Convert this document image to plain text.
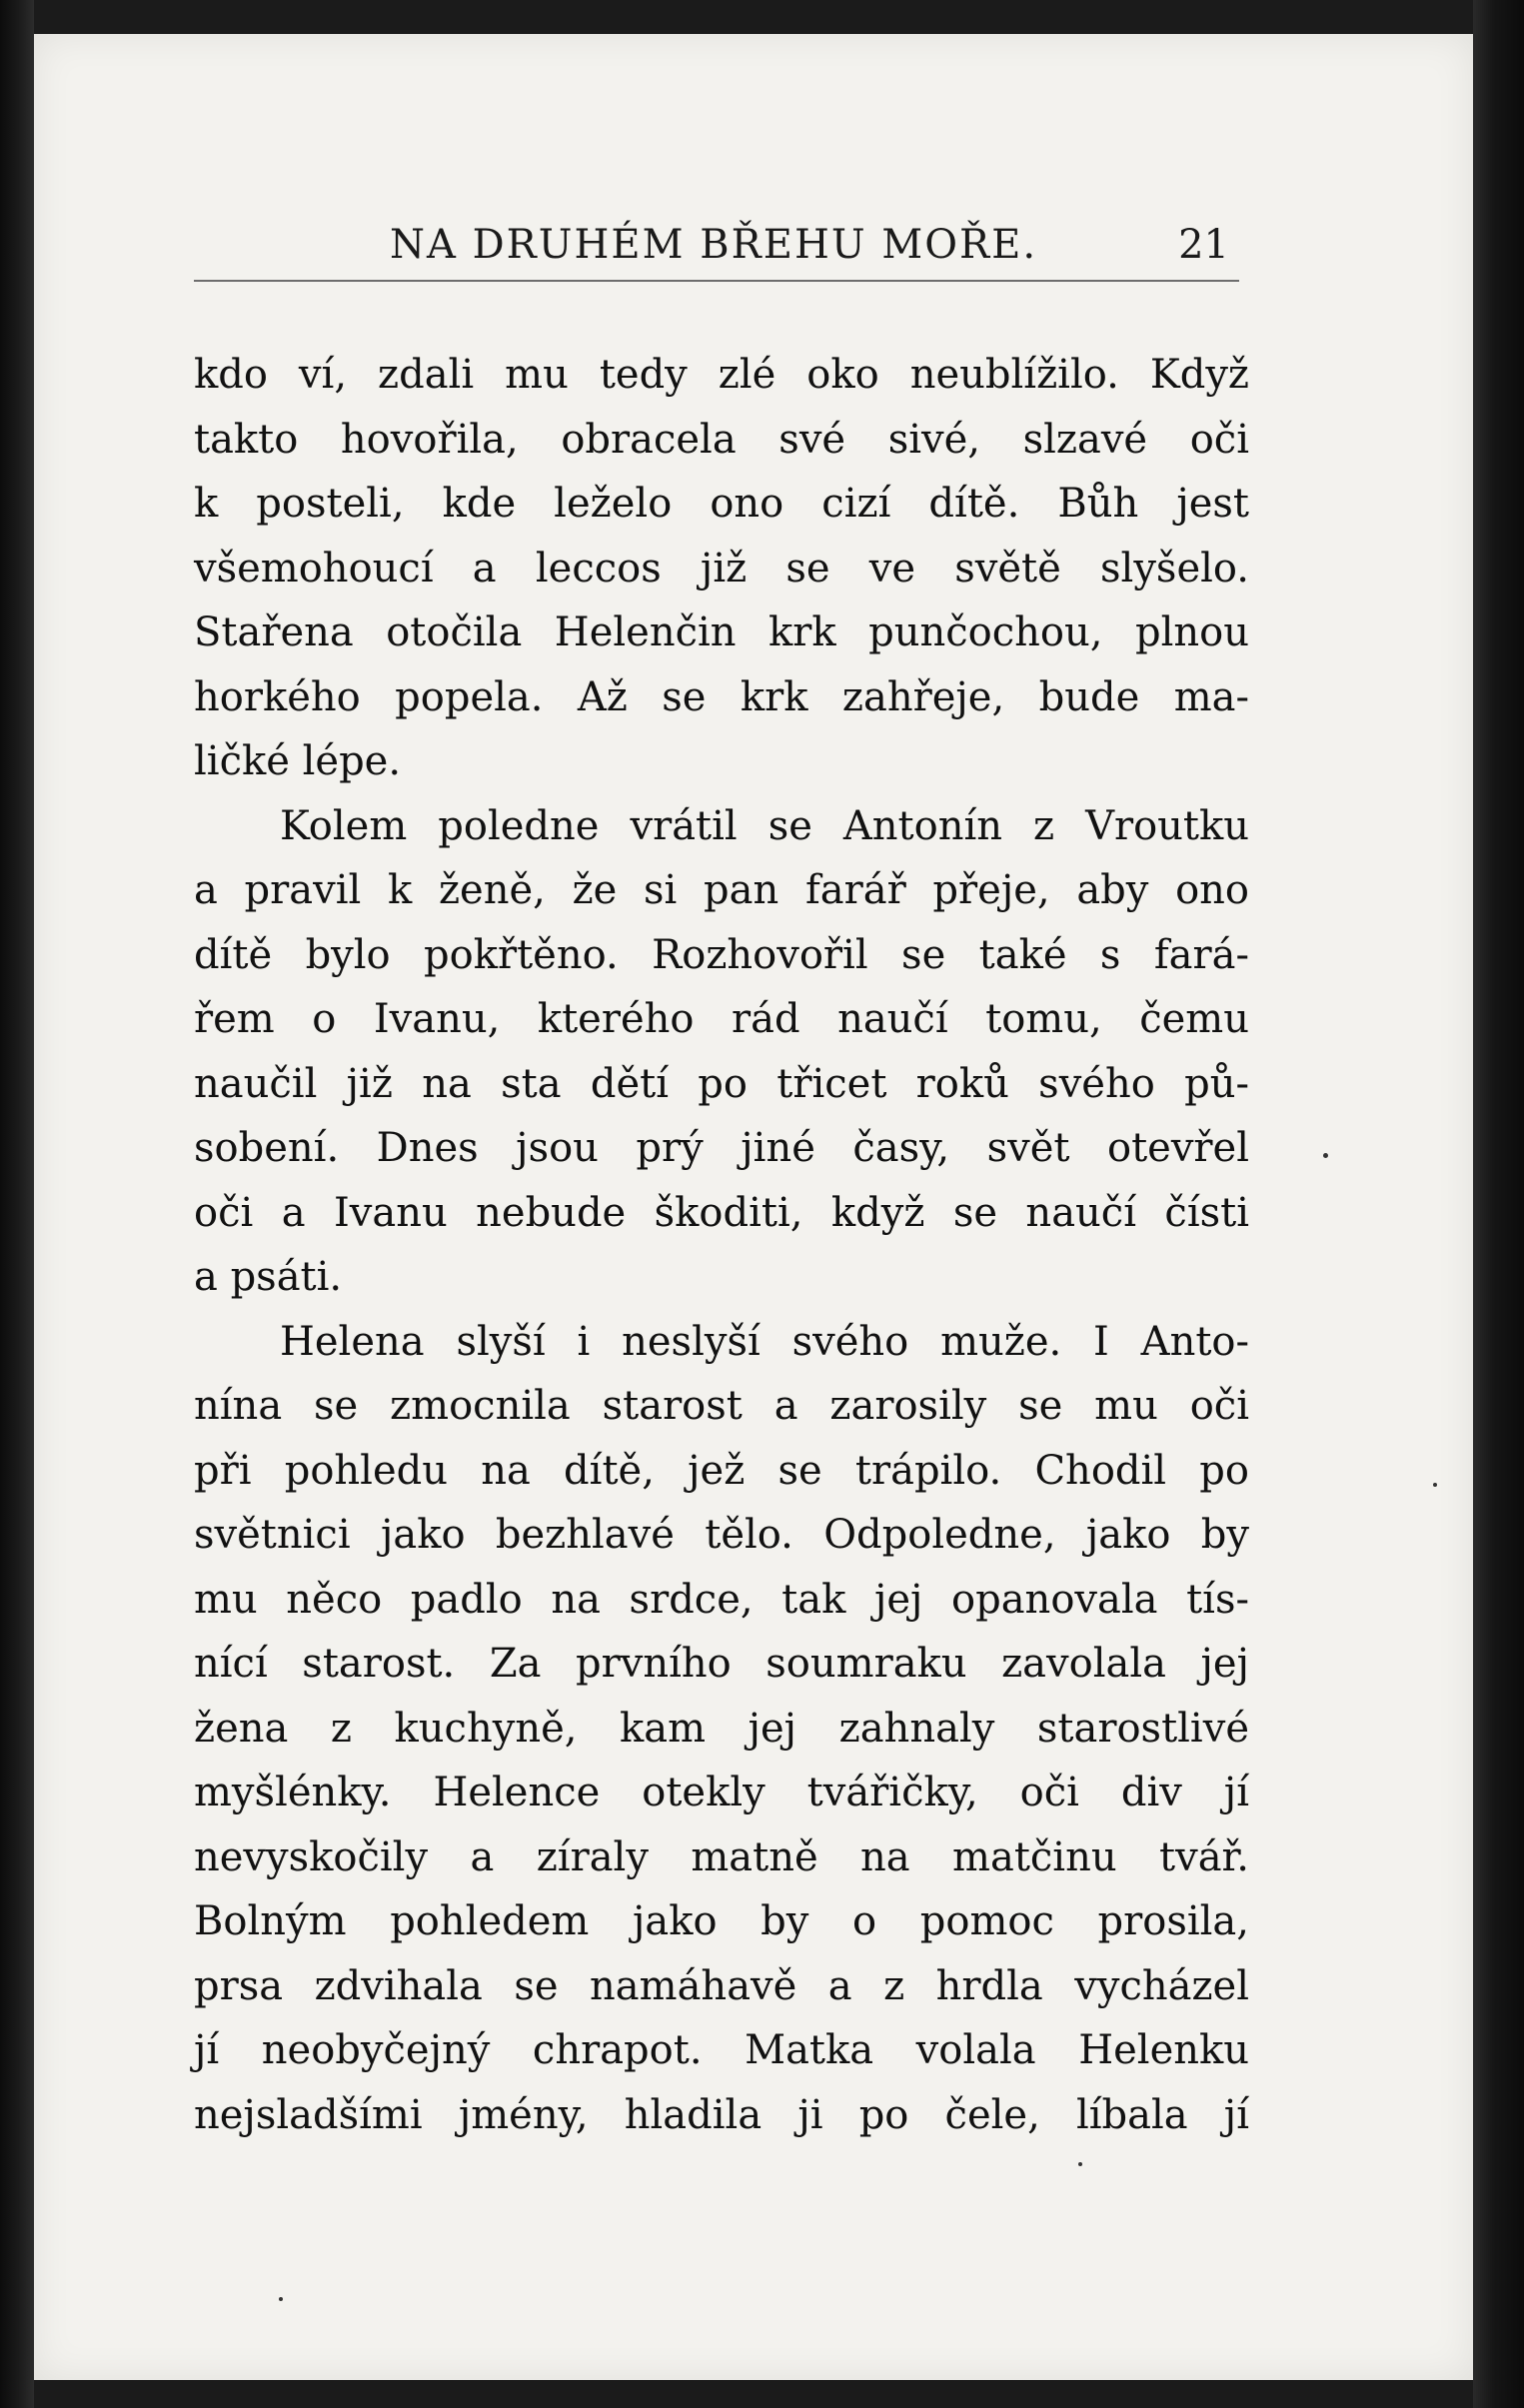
NA DRUHÉM BŘEHU MOŘE.	21
kdo ví, zdali mu tedy zlé oko neublížilo. Když
takto hovořila, obracela své sivé, slzavé oči
k posteli, kde leželo ono cizí dítě. Bůh jest
všemohoucí a leccos již se ve světě slyšelo.
Stařena otočila Helenčin krk punčochou, plnou
horkého popela. Až se krk zahřeje, bude ma-
ličké lépe.
Kolem poledne vrátil se Antonín z Vroutku
a pravil k ženě, že si pan farář přeje, aby ono
dítě bylo pokřtěno. Rozhovořil se také s fará-
řem o Ivanu, kterého rád naučí tomu, čemu
naučil již na sta dětí po třicet roků svého pů-
sobení. Dnes jsou prý jiné časy, svět otevřel
oči a Ivanu nebude škoditi, když se naučí čísti
a psáti.
Helena slyší i neslyší svého muže. I Anto-
nína se zmocnila starost a zarosily se mu oči
při pohledu na dítě, jež se trápilo. Chodil po
světnici jako bezhlavé tělo. Odpoledne, jako by
mu něco padlo na srdce, tak jej opanovala tís-
nící starost. Za prvního soumraku zavolala jej
žena z kuchyně, kam jej zahnaly starostlivé
myšlénky. Helence otekly tvářičky, oči div jí
nevyskočily a zíraly matně na matčinu tvář.
Bolným pohledem jako by o pomoc prosila,
prsa zdvihala se namáhavě a z hrdla vycházel
jí neobyčejný chrapot. Matka volala Helenku
nejsladšími jmény, hladila ji po čele, líbala jí
